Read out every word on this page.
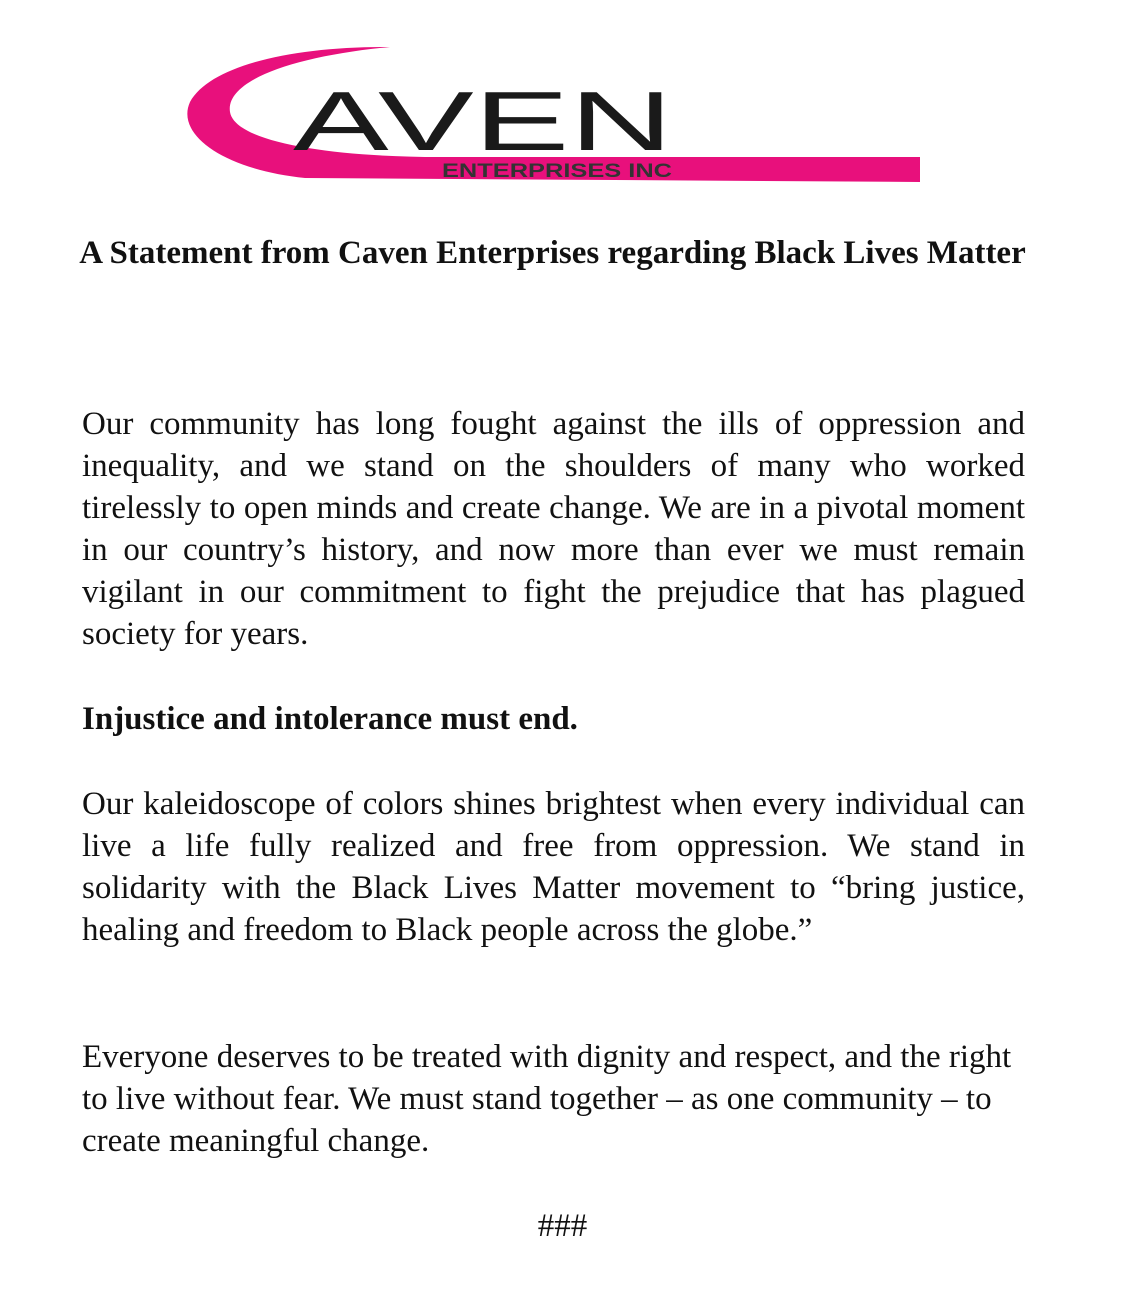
AVEN
ENTERPRISES INC
A Statement from Caven Enterprises regarding Black Lives Matter

Our community has long fought against the ills of oppression and inequality, and we stand on the shoulders of many who worked tirelessly to open minds and create change. We are in a pivotal moment in our country’s history, and now more than ever we must remain vigilant in our commitment to fight the prejudice that has plagued society for years.

Injustice and intolerance must end.

Our kaleidoscope of colors shines brightest when every individual can live a life fully realized and free from oppression. We stand in solidarity with the Black Lives Matter movement to “bring justice, healing and freedom to Black people across the globe.”

Everyone deserves to be treated with dignity and respect, and the right to live without fear. We must stand together – as one community – to create meaningful change.

###
